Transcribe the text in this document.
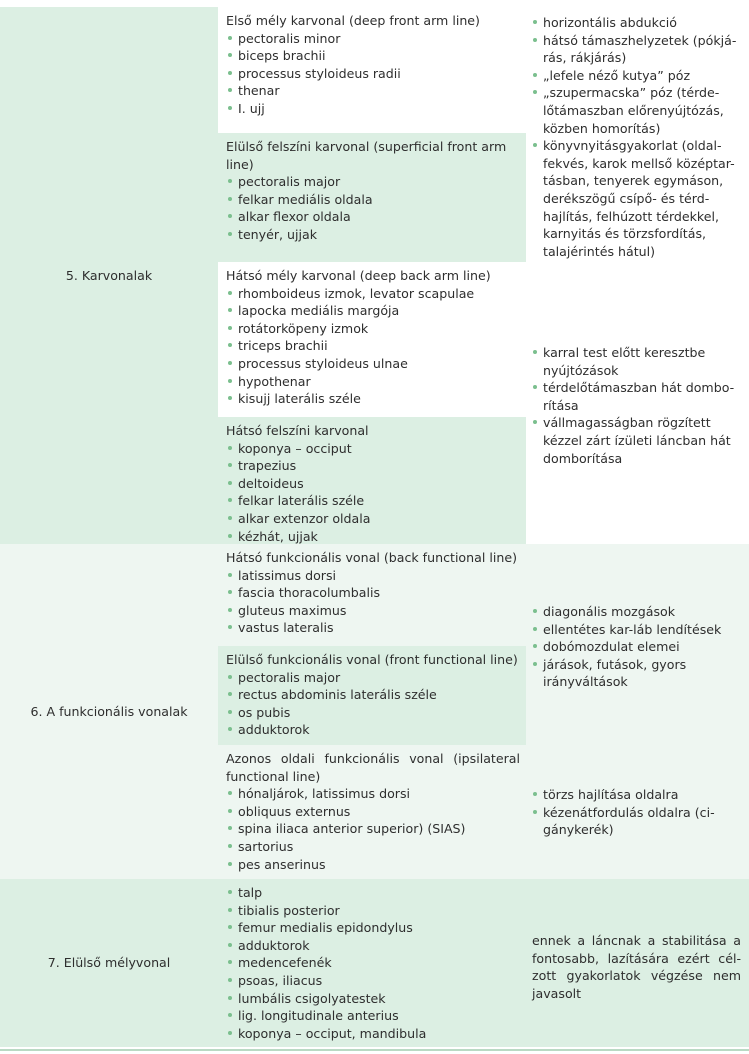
5. Karvonalak
Első mély karvonal (deep front arm line)
pectoralis minor
biceps brachii
processus styloideus radii
thenar
I. ujj
Elülső felszíni karvonal (superficial front arm line)
pectoralis major
felkar mediális oldala
alkar flexor oldala
tenyér, ujjak
Hátsó mély karvonal (deep back arm line)
rhomboideus izmok, levator scapulae
lapocka mediális margója
rotátorköpeny izmok
triceps brachii
processus styloideus ulnae
hypothenar
kisujj laterális széle
Hátsó felszíni karvonal
koponya – occiput
trapezius
deltoideus
felkar laterális széle
alkar extenzor oldala
kézhát, ujjak
horizontális abdukció
hátsó támaszhelyzetek (pókjá-rás, rákjárás)
„lefele néző kutya” póz
„szupermacska” póz (térde-lőtámaszban előrenyújtózás, közben homorítás)
könyvnyitásgyakorlat (oldal-fekvés, karok mellső középtar-tásban, tenyerek egymáson, derékszögű csípő- és térd-hajlítás, felhúzott térdekkel, karnyitás és törzsfordítás, talajérintés hátul)
karral test előtt keresztbe nyújtózások
térdelőtámaszban hát dombo-rítása
vállmagasságban rögzített kézzel zárt ízületi láncban hát domborítása
6. A funkcionális vonalak
Hátsó funkcionális vonal (back functional line)
latissimus dorsi
fascia thoracolumbalis
gluteus maximus
vastus lateralis
Elülső funkcionális vonal (front functional line)
pectoralis major
rectus abdominis laterális széle
os pubis
adduktorok
Azonos oldali funkcionális vonal (ipsilateral functional line)
hónaljárok, latissimus dorsi
obliquus externus
spina iliaca anterior superior) (SIAS)
sartorius
pes anserinus
diagonális mozgások
ellentétes kar-láb lendítések
dobómozdulat elemei
járások, futások, gyors irányváltások
törzs hajlítása oldalra
kézenátfordulás oldalra (ci-gánykerék)
7. Elülső mélyvonal
talp
tibialis posterior
femur medialis epidondylus
adduktorok
medencefenék
psoas, iliacus
lumbális csigolyatestek
lig. longitudinale anterius
koponya – occiput, mandibula
ennek a láncnak a stabilitása a fontosabb, lazítására ezért cél-zott gyakorlatok végzése nem javasolt
